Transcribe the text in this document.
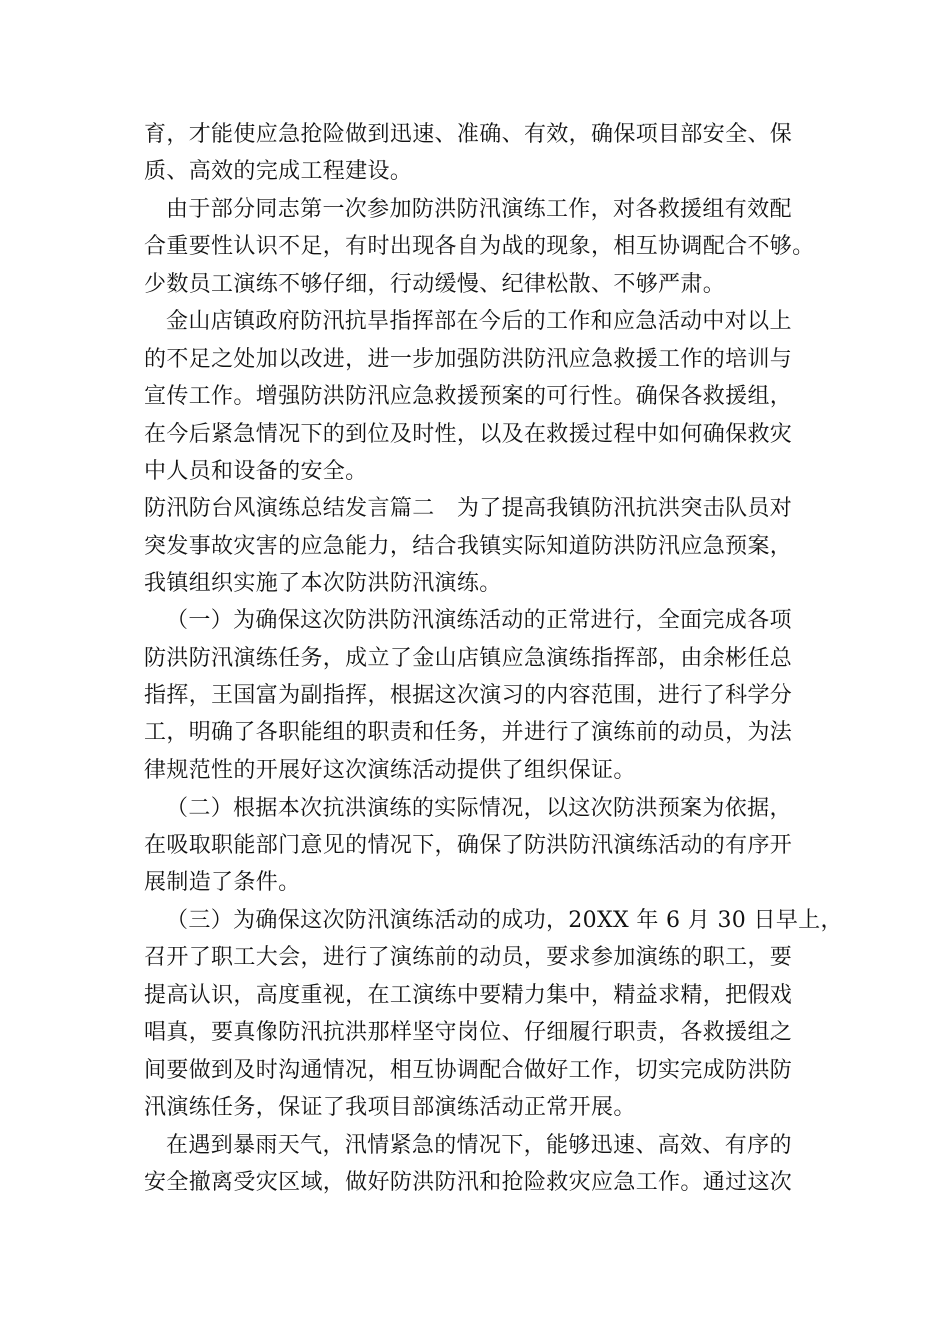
育，才能使应急抢险做到迅速、准确、有效，确保项目部安全、保
质、高效的完成工程建设。
由于部分同志第一次参加防洪防汛演练工作，对各救援组有效配
合重要性认识不足，有时出现各自为战的现象，相互协调配合不够。
少数员工演练不够仔细，行动缓慢、纪律松散、不够严肃。
金山店镇政府防汛抗旱指挥部在今后的工作和应急活动中对以上
的不足之处加以改进，进一步加强防洪防汛应急救援工作的培训与
宣传工作。增强防洪防汛应急救援预案的可行性。确保各救援组，
在今后紧急情况下的到位及时性，以及在救援过程中如何确保救灾
中人员和设备的安全。
防汛防台风演练总结发言篇二　为了提高我镇防汛抗洪突击队员对
突发事故灾害的应急能力，结合我镇实际知道防洪防汛应急预案，
我镇组织实施了本次防洪防汛演练。
（一）为确保这次防洪防汛演练活动的正常进行，全面完成各项
防洪防汛演练任务，成立了金山店镇应急演练指挥部，由余彬任总
指挥，王国富为副指挥，根据这次演习的内容范围，进行了科学分
工，明确了各职能组的职责和任务，并进行了演练前的动员，为法
律规范性的开展好这次演练活动提供了组织保证。
（二）根据本次抗洪演练的实际情况，以这次防洪预案为依据，
在吸取职能部门意见的情况下，确保了防洪防汛演练活动的有序开
展制造了条件。
（三）为确保这次防汛演练活动的成功，20XX 年 6 月 30 日早上，
召开了职工大会，进行了演练前的动员，要求参加演练的职工，要
提高认识，高度重视，在工演练中要精力集中，精益求精，把假戏
唱真，要真像防汛抗洪那样坚守岗位、仔细履行职责，各救援组之
间要做到及时沟通情况，相互协调配合做好工作，切实完成防洪防
汛演练任务，保证了我项目部演练活动正常开展。
在遇到暴雨天气，汛情紧急的情况下，能够迅速、高效、有序的
安全撤离受灾区域，做好防洪防汛和抢险救灾应急工作。通过这次
